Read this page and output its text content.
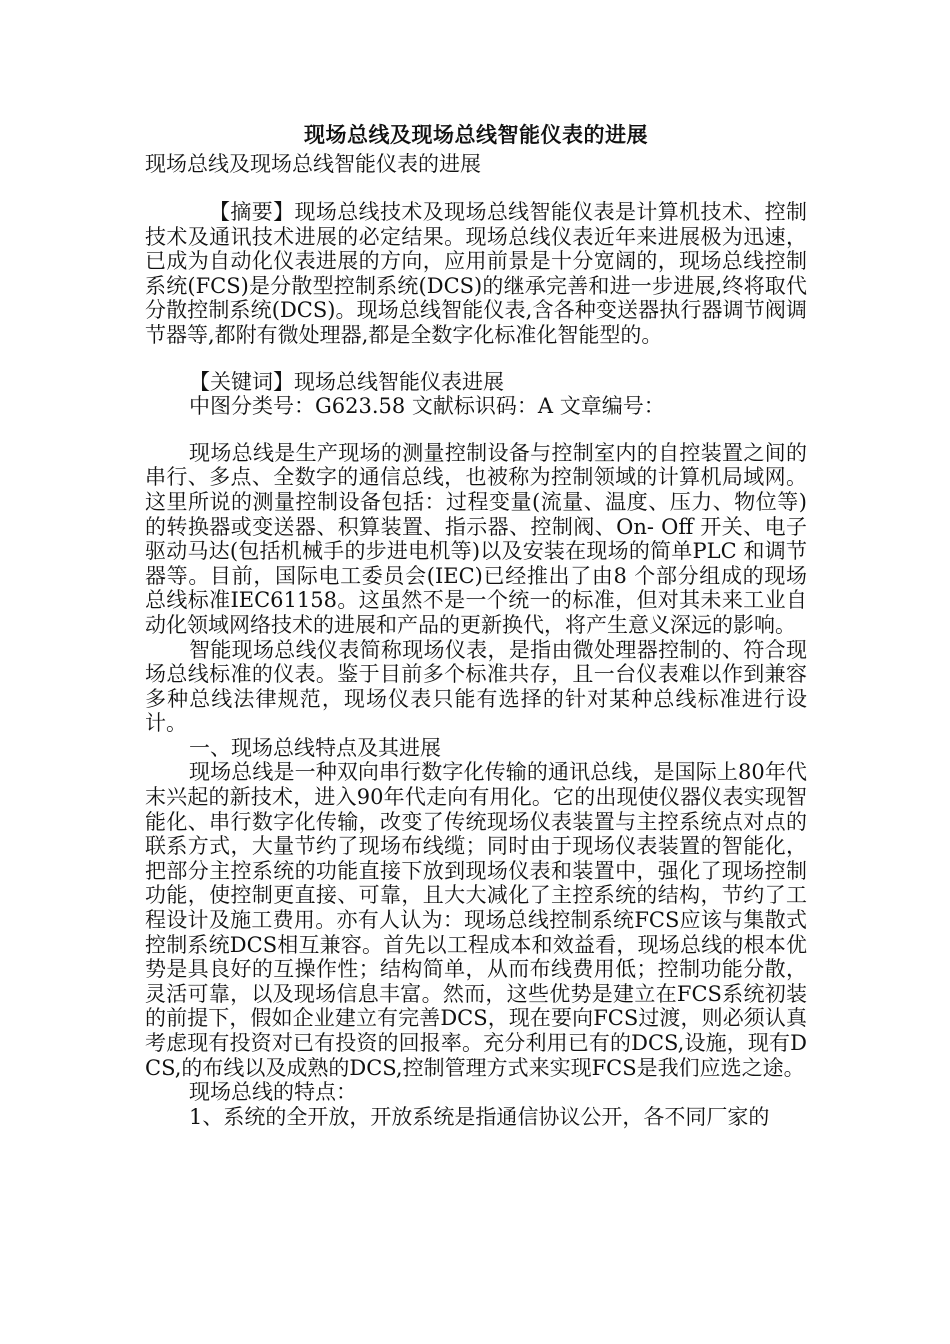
现场总线及现场总线智能仪表的进展

现场总线及现场总线智能仪表的进展

【摘要】现场总线技术及现场总线智能仪表是计算机技术、控制技术及通讯技术进展的必定结果。现场总线仪表近年来进展极为迅速，已成为自动化仪表进展的方向，应用前景是十分宽阔的，现场总线控制系统(FCS)是分散型控制系统(DCS)的继承完善和进一步进展,终将取代分散控制系统(DCS)。现场总线智能仪表,含各种变送器执行器调节阀调节器等,都附有微处理器,都是全数字化标准化智能型的。

【关键词】现场总线智能仪表进展

中图分类号：G623.58 文献标识码：A 文章编号：

现场总线是生产现场的测量控制设备与控制室内的自控装置之间的串行、多点、全数字的通信总线，也被称为控制领域的计算机局域网。这里所说的测量控制设备包括：过程变量(流量、温度、压力、物位等)的转换器或变送器、积算装置、指示器、控制阀、On- Off 开关、电子驱动马达(包括机械手的步进电机等)以及安装在现场的简单PLC 和调节器等。目前，国际电工委员会(IEC)已经推出了由8 个部分组成的现场总线标准IEC61158。这虽然不是一个统一的标准，但对其未来工业自动化领域网络技术的进展和产品的更新换代，将产生意义深远的影响。

智能现场总线仪表简称现场仪表，是指由微处理器控制的、符合现场总线标准的仪表。鉴于目前多个标准共存，且一台仪表难以作到兼容多种总线法律规范，现场仪表只能有选择的针对某种总线标准进行设计。

一、现场总线特点及其进展

现场总线是一种双向串行数字化传输的通讯总线，是国际上80年代末兴起的新技术，进入90年代走向有用化。它的出现使仪器仪表实现智能化、串行数字化传输，改变了传统现场仪表装置与主控系统点对点的联系方式，大量节约了现场布线缆；同时由于现场仪表装置的智能化，把部分主控系统的功能直接下放到现场仪表和装置中，强化了现场控制功能，使控制更直接、可靠，且大大减化了主控系统的结构，节约了工程设计及施工费用。亦有人认为：现场总线控制系统FCS应该与集散式控制系统DCS相互兼容。首先以工程成本和效益看，现场总线的根本优势是具良好的互操作性；结构简单，从而布线费用低；控制功能分散，灵活可靠，以及现场信息丰富。然而，这些优势是建立在FCS系统初装的前提下，假如企业建立有完善DCS，现在要向FCS过渡，则必须认真考虑现有投资对已有投资的回报率。充分利用已有的DCS,设施，现有DCS,的布线以及成熟的DCS,控制管理方式来实现FCS是我们应选之途。

现场总线的特点：

1、系统的全开放，开放系统是指通信协议公开，各不同厂家的
